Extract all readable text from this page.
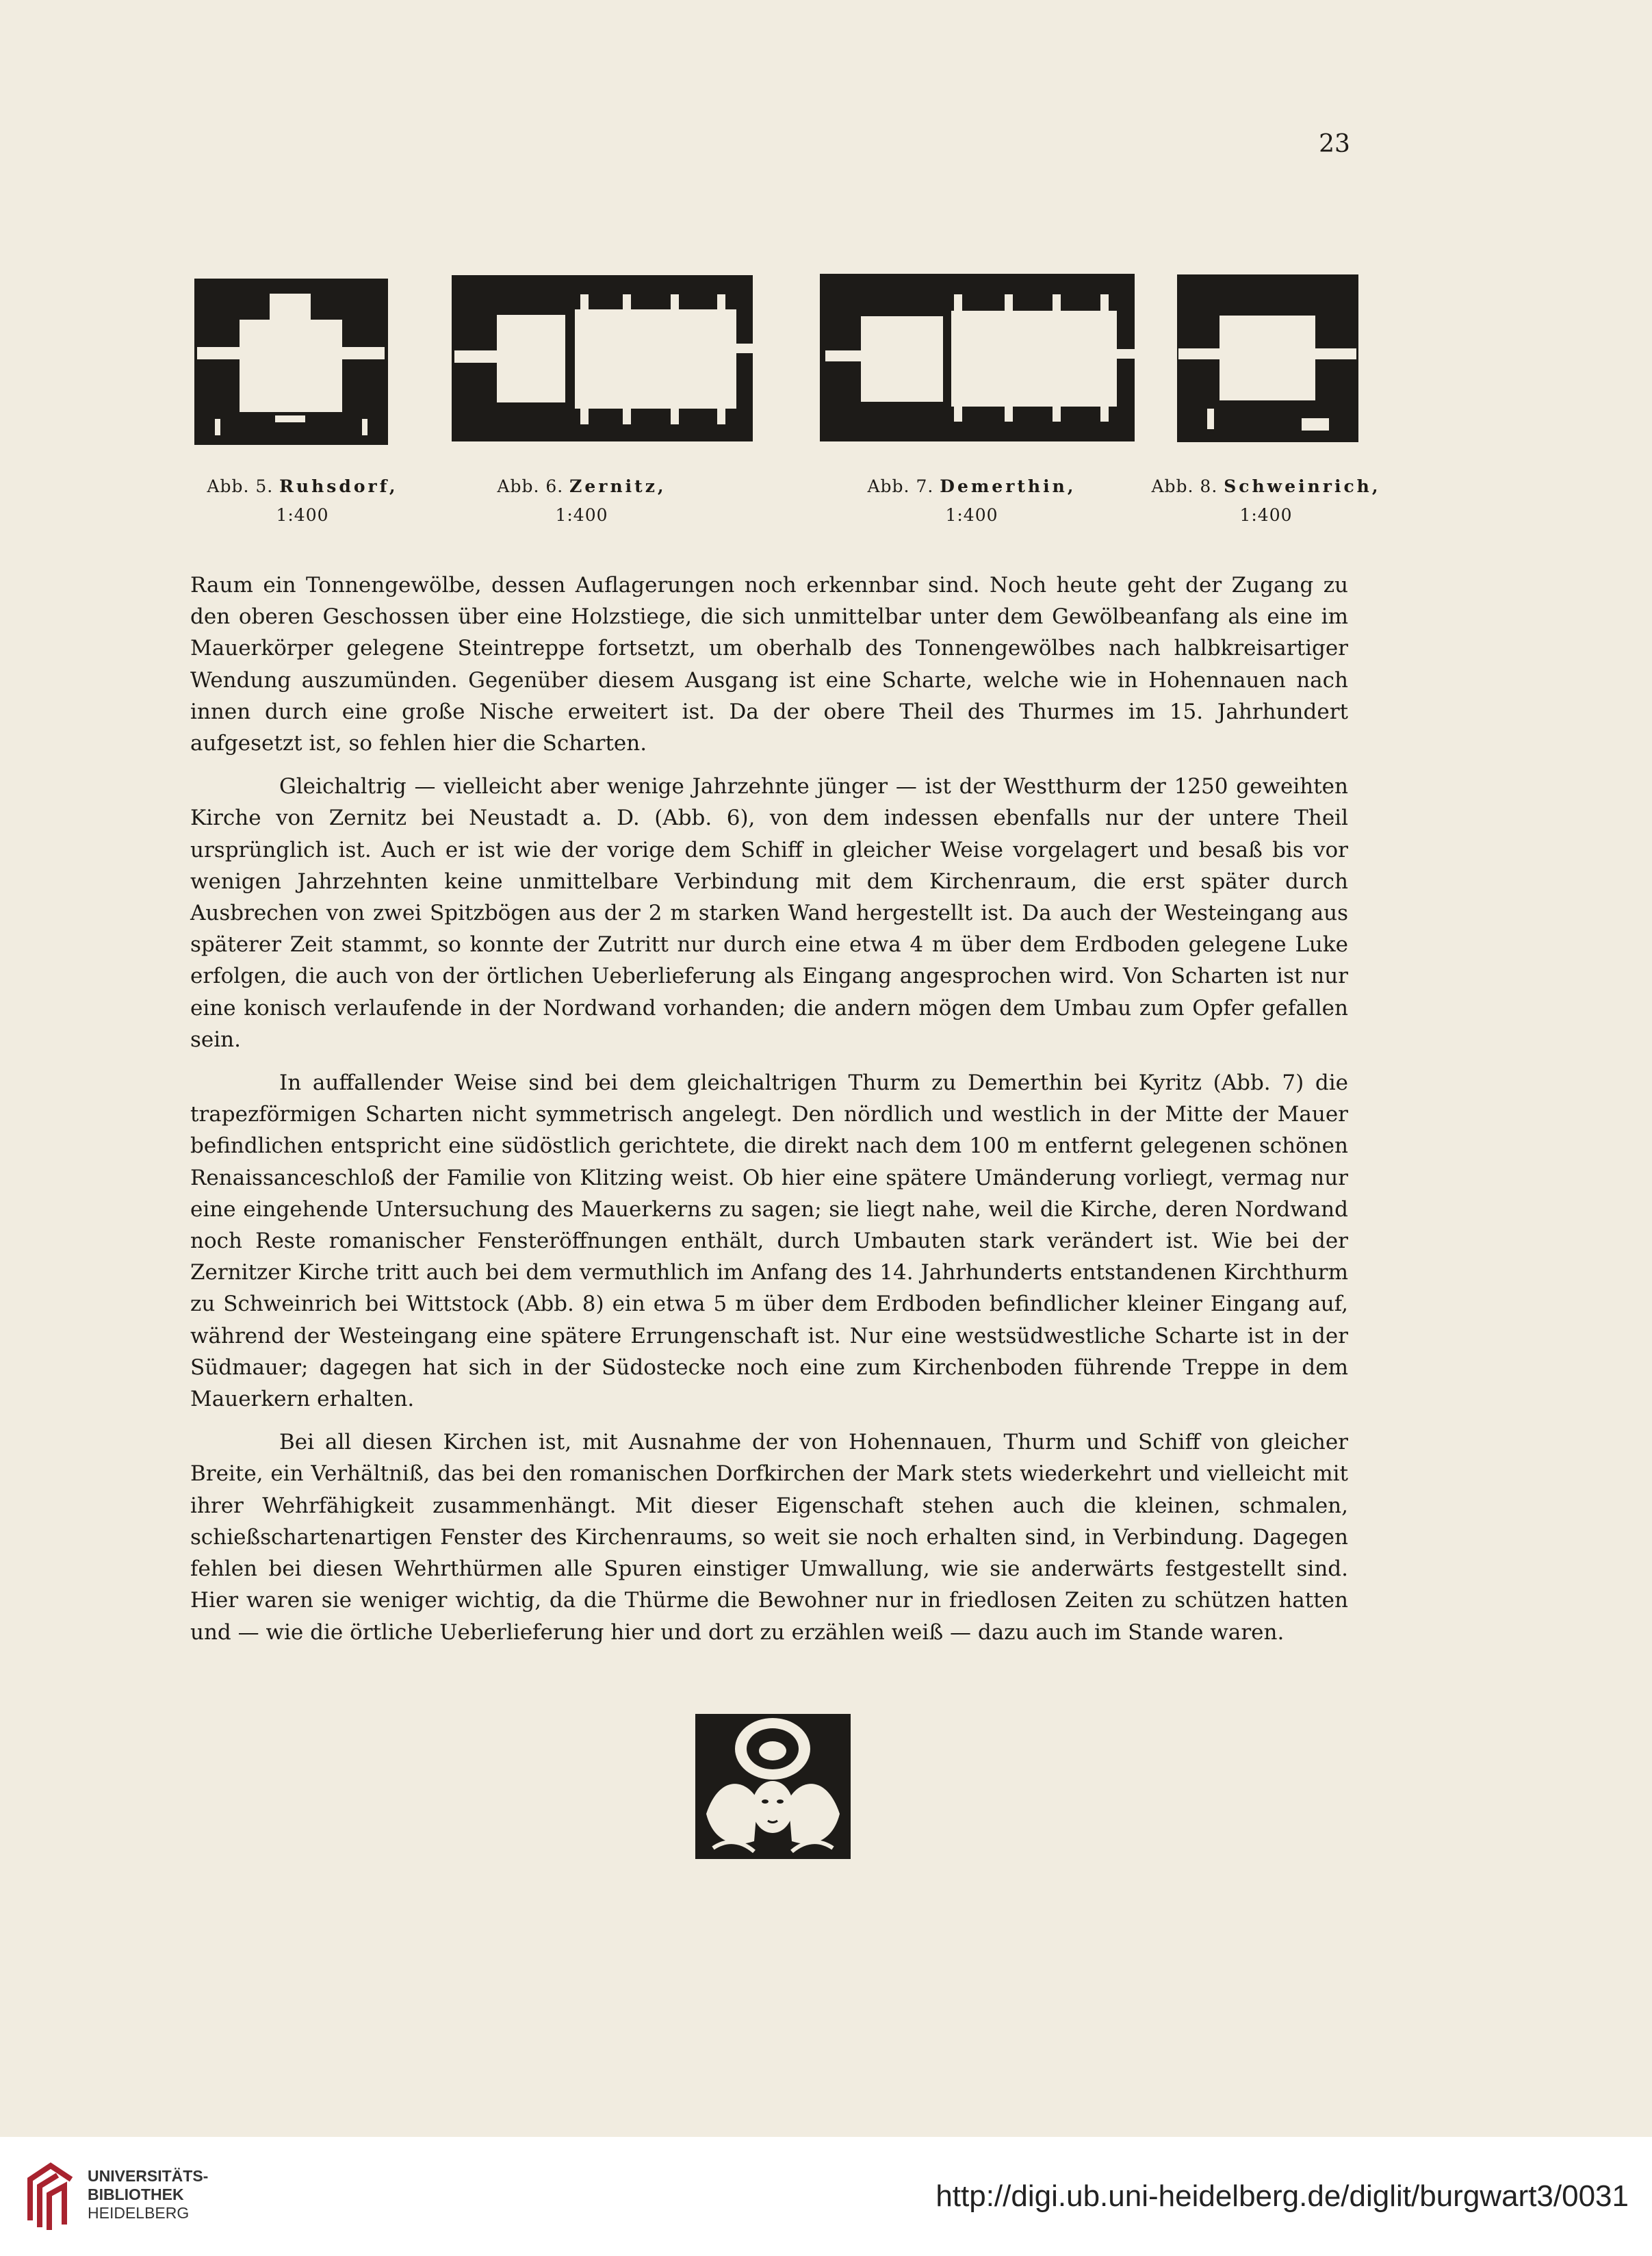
23
Abb. 5. Ruhsdorf,
1:400
Abb. 6. Zernitz,
1:400
Abb. 7. Demerthin,
1:400
Abb. 8. Schweinrich,
1:400

Raum ein Tonnengewölbe, dessen Auflagerungen noch erkennbar sind. Noch heute geht der Zugang zu den oberen Geschossen über eine Holzstiege, die sich unmittelbar unter dem Gewölbeanfang als eine im Mauerkörper gelegene Steintreppe fortsetzt, um oberhalb des Tonnengewölbes nach halbkreisartiger Wendung auszumünden. Gegenüber diesem Ausgang ist eine Scharte, welche wie in Hohennauen nach innen durch eine große Nische erweitert ist. Da der obere Theil des Thurmes im 15. Jahrhundert aufgesetzt ist, so fehlen hier die Scharten.

Gleichaltrig — vielleicht aber wenige Jahrzehnte jünger — ist der Westthurm der 1250 geweihten Kirche von Zernitz bei Neustadt a. D. (Abb. 6), von dem indessen ebenfalls nur der untere Theil ursprünglich ist. Auch er ist wie der vorige dem Schiff in gleicher Weise vorgelagert und besaß bis vor wenigen Jahrzehnten keine unmittelbare Verbindung mit dem Kirchenraum, die erst später durch Ausbrechen von zwei Spitzbögen aus der 2 m starken Wand hergestellt ist. Da auch der Westeingang aus späterer Zeit stammt, so konnte der Zutritt nur durch eine etwa 4 m über dem Erdboden gelegene Luke erfolgen, die auch von der örtlichen Ueberlieferung als Eingang angesprochen wird. Von Scharten ist nur eine konisch verlaufende in der Nordwand vorhanden; die andern mögen dem Umbau zum Opfer gefallen sein.

In auffallender Weise sind bei dem gleichaltrigen Thurm zu Demerthin bei Kyritz (Abb. 7) die trapezförmigen Scharten nicht symmetrisch angelegt. Den nördlich und westlich in der Mitte der Mauer befindlichen entspricht eine südöstlich gerichtete, die direkt nach dem 100 m entfernt gelegenen schönen Renaissanceschloß der Familie von Klitzing weist. Ob hier eine spätere Umänderung vorliegt, vermag nur eine eingehende Untersuchung des Mauerkerns zu sagen; sie liegt nahe, weil die Kirche, deren Nordwand noch Reste romanischer Fensteröffnungen enthält, durch Umbauten stark verändert ist. Wie bei der Zernitzer Kirche tritt auch bei dem vermuthlich im Anfang des 14. Jahrhunderts entstandenen Kirchthurm zu Schweinrich bei Wittstock (Abb. 8) ein etwa 5 m über dem Erdboden befindlicher kleiner Eingang auf, während der Westeingang eine spätere Errungenschaft ist. Nur eine westsüdwestliche Scharte ist in der Südmauer; dagegen hat sich in der Südostecke noch eine zum Kirchenboden führende Treppe in dem Mauerkern erhalten.

Bei all diesen Kirchen ist, mit Ausnahme der von Hohennauen, Thurm und Schiff von gleicher Breite, ein Verhältniß, das bei den romanischen Dorfkirchen der Mark stets wiederkehrt und vielleicht mit ihrer Wehrfähigkeit zusammenhängt. Mit dieser Eigenschaft stehen auch die kleinen, schmalen, schießschartenartigen Fenster des Kirchenraums, so weit sie noch erhalten sind, in Verbindung. Dagegen fehlen bei diesen Wehrthürmen alle Spuren einstiger Umwallung, wie sie anderwärts festgestellt sind. Hier waren sie weniger wichtig, da die Thürme die Bewohner nur in friedlosen Zeiten zu schützen hatten und — wie die örtliche Ueberlieferung hier und dort zu erzählen weiß — dazu auch im Stande waren.

UNIVERSITÄTS-
BIBLIOTHEK
HEIDELBERG	http://digi.ub.uni-heidelberg.de/diglit/burgwart3/0031
